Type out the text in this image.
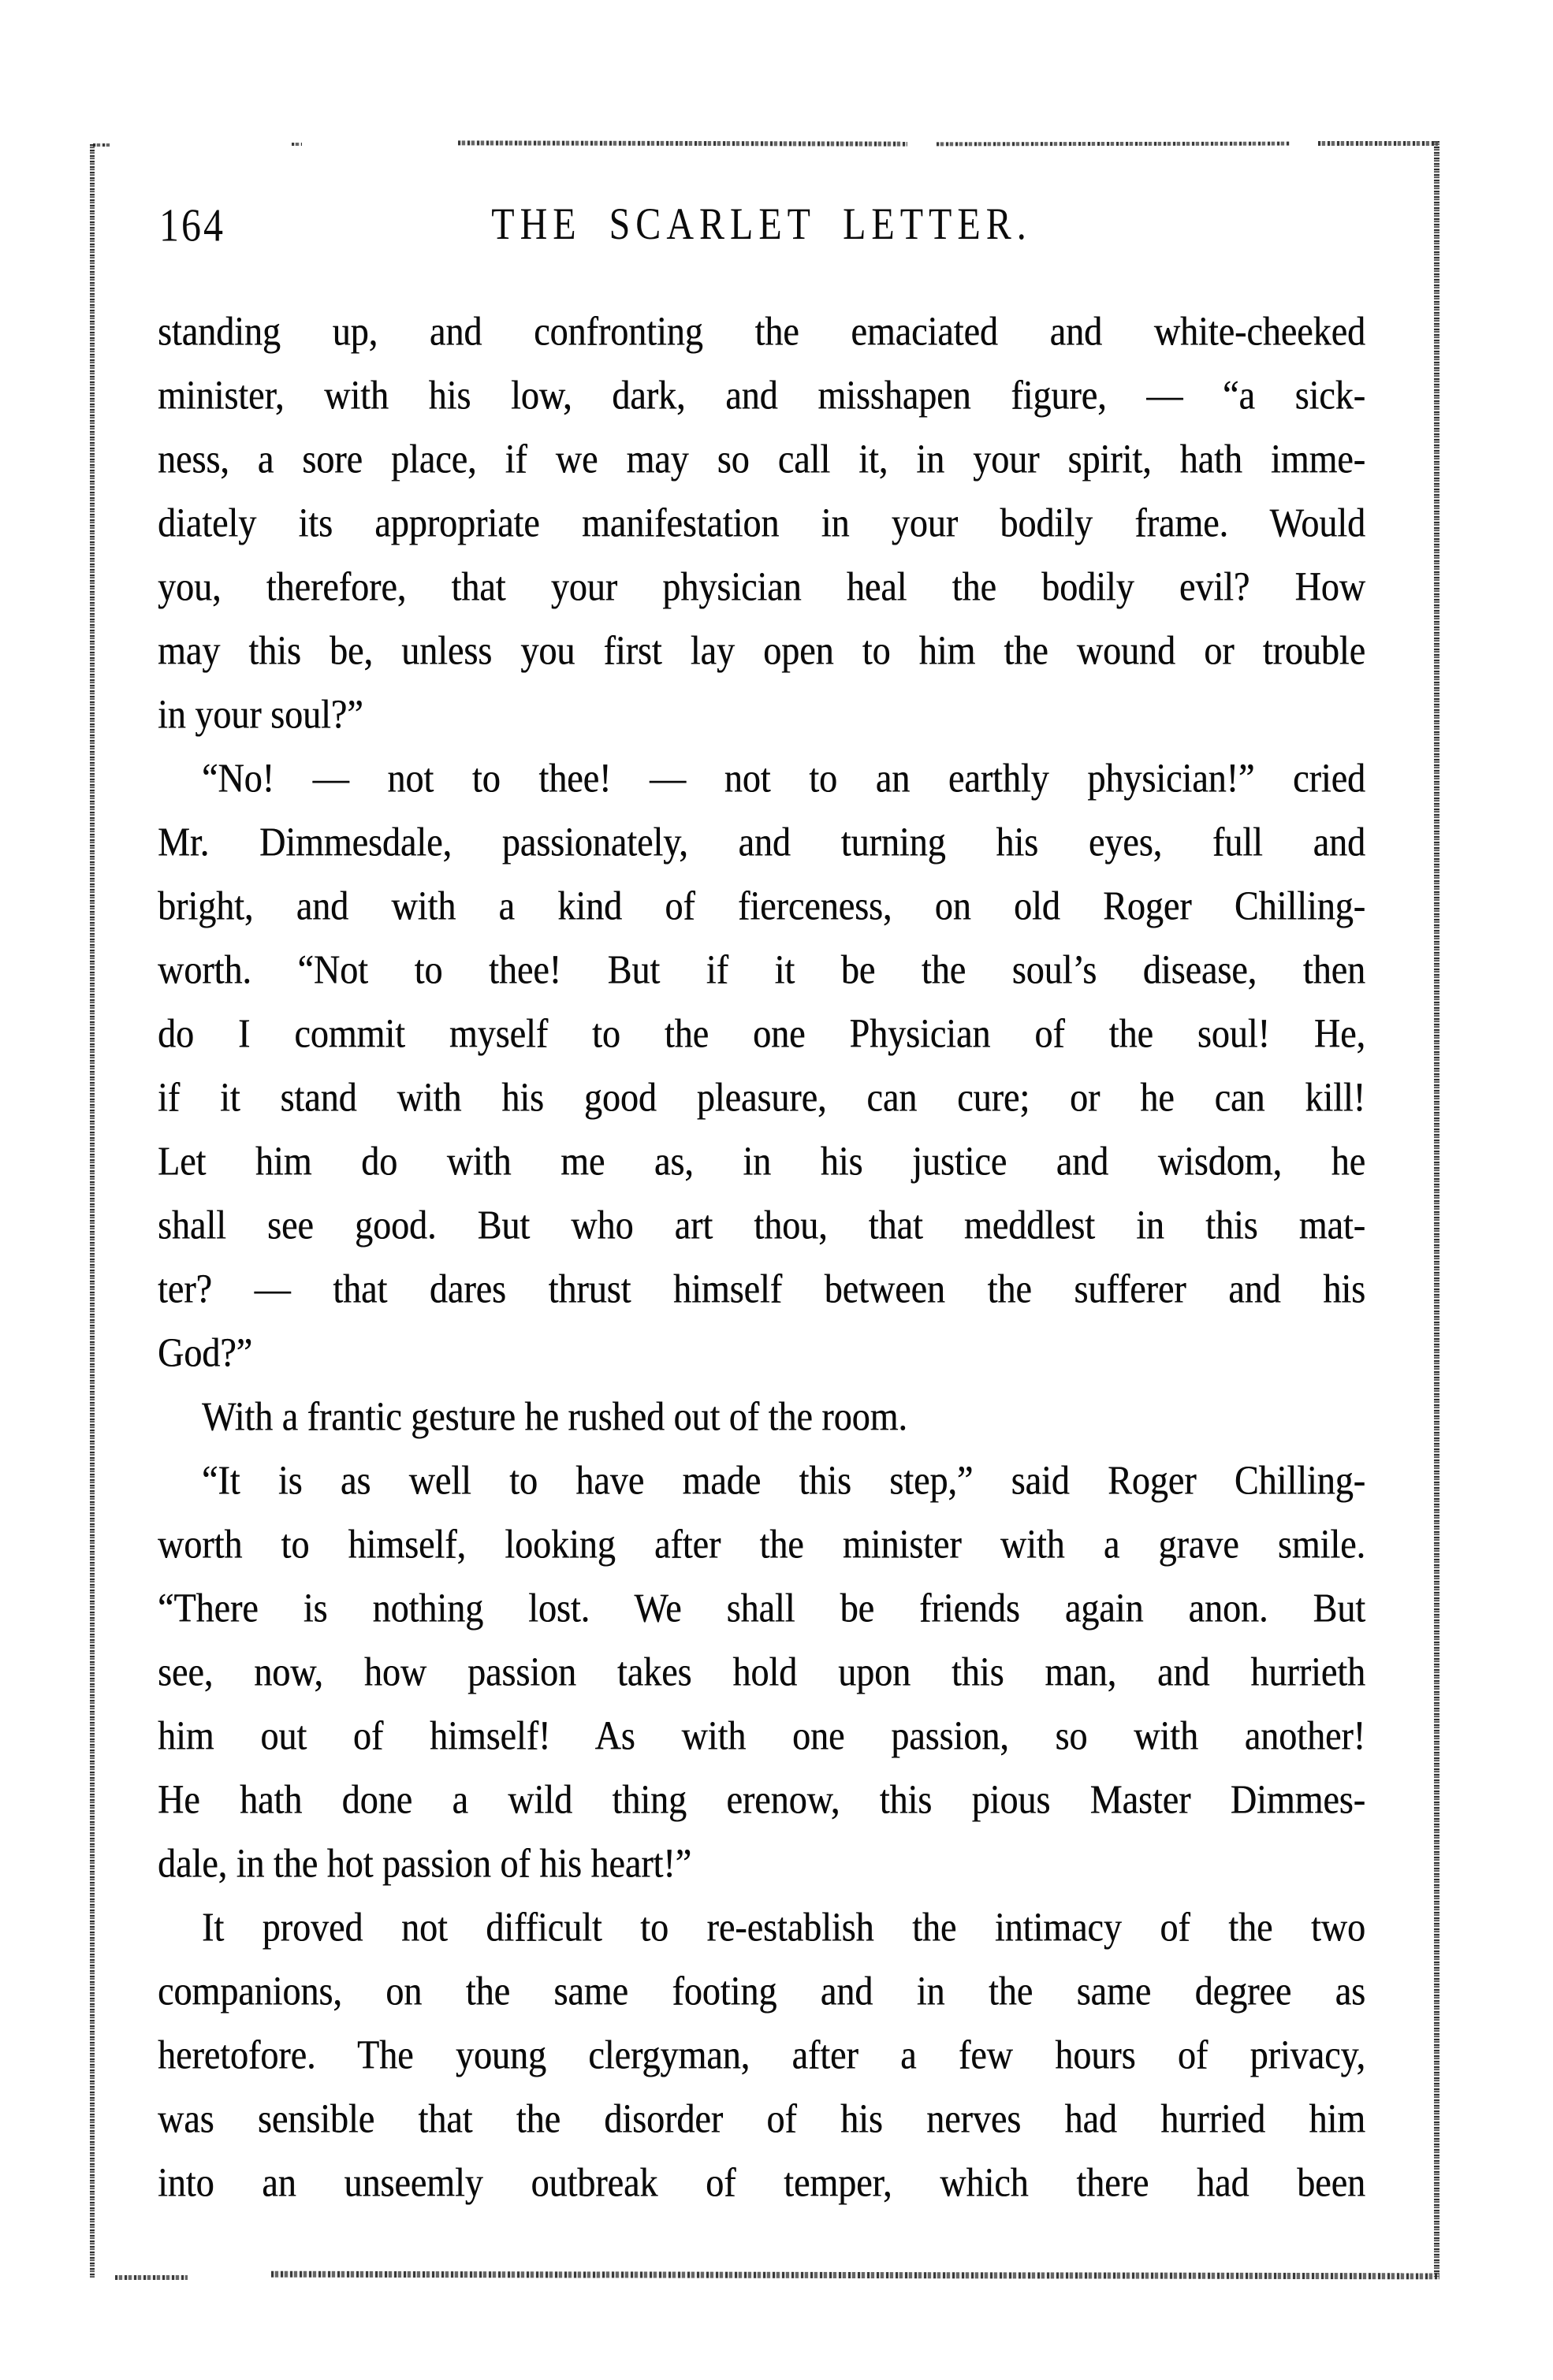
164	THE SCARLET LETTER.
standing up, and confronting the emaciated and white-cheeked
minister, with his low, dark, and misshapen figure, — “a sick-
ness, a sore place, if we may so call it, in your spirit, hath imme-
diately its appropriate manifestation in your bodily frame. Would
you, therefore, that your physician heal the bodily evil? How
may this be, unless you first lay open to him the wound or trouble
in your soul?”
“No! — not to thee! — not to an earthly physician!” cried
Mr. Dimmesdale, passionately, and turning his eyes, full and
bright, and with a kind of fierceness, on old Roger Chilling-
worth. “Not to thee! But if it be the soul’s disease, then
do I commit myself to the one Physician of the soul! He,
if it stand with his good pleasure, can cure; or he can kill!
Let him do with me as, in his justice and wisdom, he
shall see good. But who art thou, that meddlest in this mat-
ter? — that dares thrust himself between the sufferer and his
God?”
With a frantic gesture he rushed out of the room.
“It is as well to have made this step,” said Roger Chilling-
worth to himself, looking after the minister with a grave smile.
“There is nothing lost. We shall be friends again anon. But
see, now, how passion takes hold upon this man, and hurrieth
him out of himself! As with one passion, so with another!
He hath done a wild thing erenow, this pious Master Dimmes-
dale, in the hot passion of his heart!”
It proved not difficult to re-establish the intimacy of the two
companions, on the same footing and in the same degree as
heretofore. The young clergyman, after a few hours of privacy,
was sensible that the disorder of his nerves had hurried him
into an unseemly outbreak of temper, which there had been
